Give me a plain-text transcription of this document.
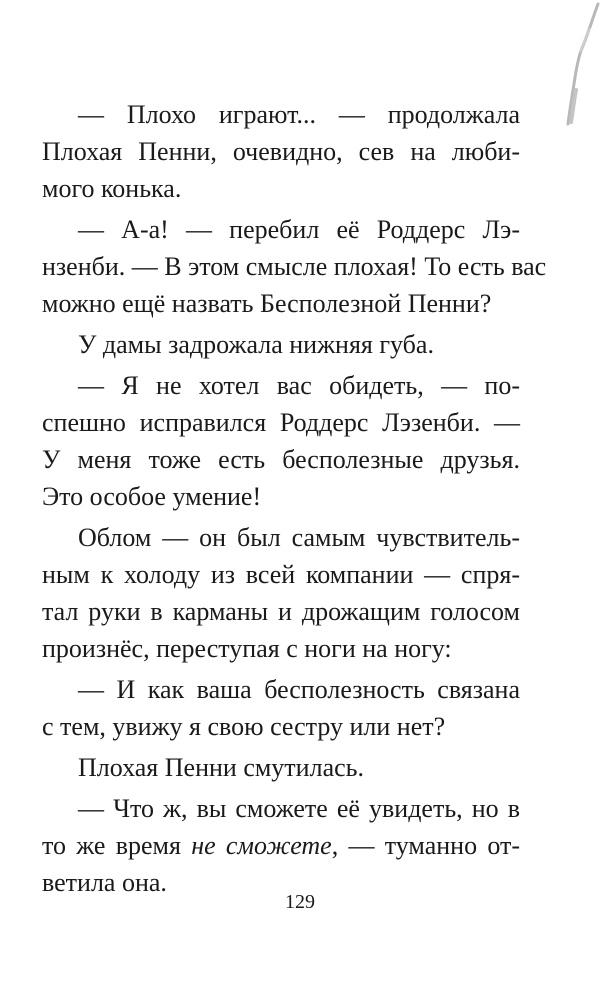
— Плохо играют... — продолжала
Плохая Пенни, очевидно, сев на люби-
мого конька.

— А-а! — перебил её Роддерс Лэ-
нзенби. — В этом смысле плохая! То есть вас
можно ещё назвать Бесполезной Пенни?

У дамы задрожала нижняя губа.

— Я не хотел вас обидеть, — по-
спешно исправился Роддерс Лэзенби. —
У меня тоже есть бесполезные друзья.
Это особое умение!

Облом — он был самым чувствитель-
ным к холоду из всей компании — спря-
тал руки в карманы и дрожащим голосом
произнёс, переступая с ноги на ногу:

— И как ваша бесполезность связана
с тем, увижу я свою сестру или нет?

Плохая Пенни смутилась.

— Что ж, вы сможете её увидеть, но в
то же время не сможете, — туманно от-
ветила она.

129
